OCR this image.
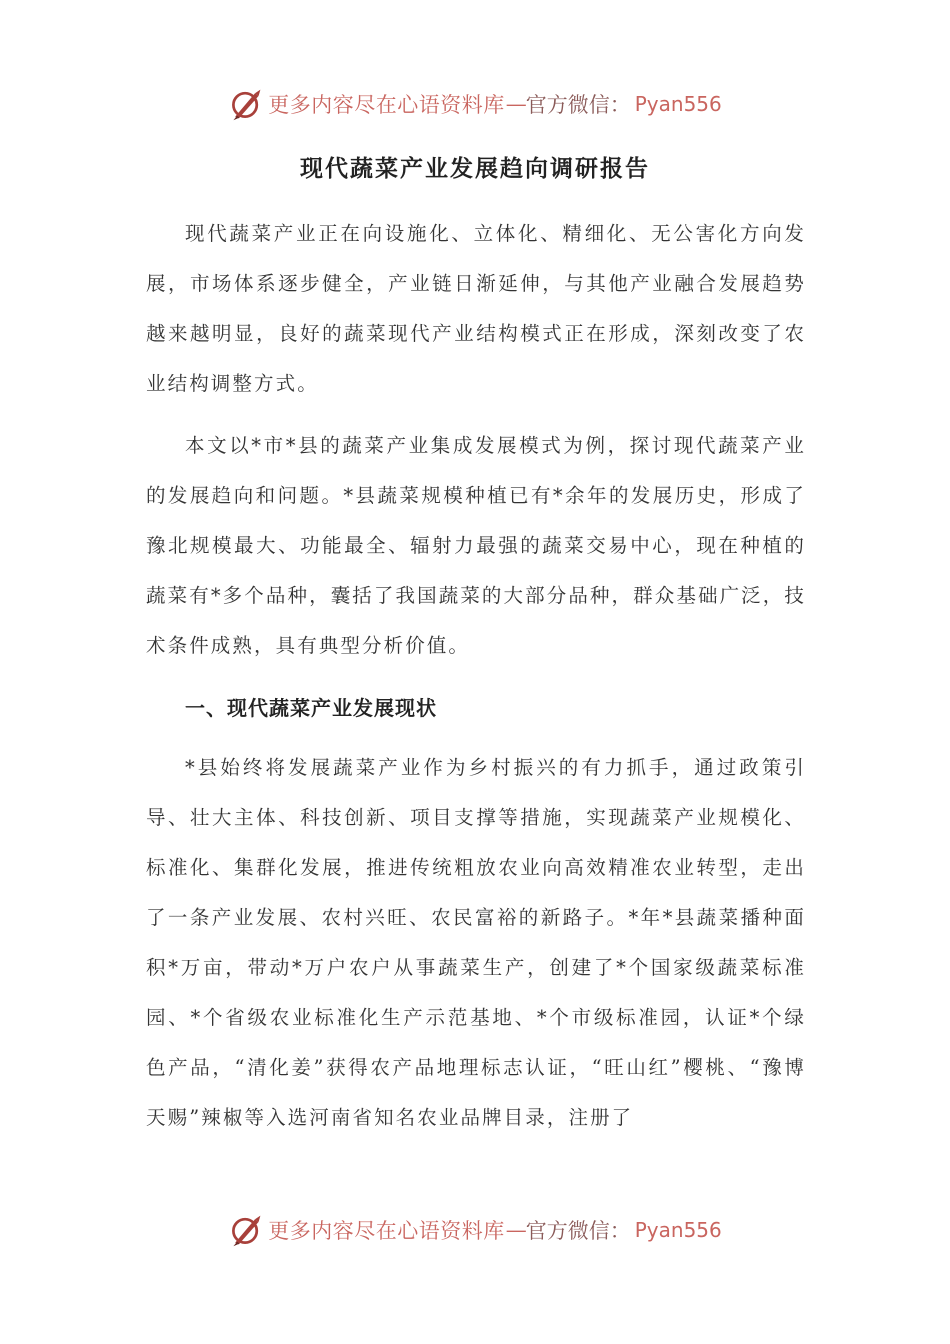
更多内容尽在心语资料库 — 官方微信： Pyan556
现代蔬菜产业发展趋向调研报告

现代蔬菜产业正在向设施化、立体化、精细化、无公害化方向发展，市场体系逐步健全，产业链日渐延伸，与其他产业融合发展趋势越来越明显，良好的蔬菜现代产业结构模式正在形成，深刻改变了农业结构调整方式。

本文以*市*县的蔬菜产业集成发展模式为例，探讨现代蔬菜产业的发展趋向和问题。*县蔬菜规模种植已有*余年的发展历史，形成了豫北规模最大、功能最全、辐射力最强的蔬菜交易中心，现在种植的蔬菜有*多个品种，囊括了我国蔬菜的大部分品种，群众基础广泛，技术条件成熟，具有典型分析价值。

一、现代蔬菜产业发展现状

*县始终将发展蔬菜产业作为乡村振兴的有力抓手，通过政策引导、壮大主体、科技创新、项目支撑等措施，实现蔬菜产业规模化、标准化、集群化发展，推进传统粗放农业向高效精准农业转型，走出了一条产业发展、农村兴旺、农民富裕的新路子。*年*县蔬菜播种面积*万亩，带动*万户农户从事蔬菜生产，创建了*个国家级蔬菜标准园、*个省级农业标准化生产示范基地、*个市级标准园，认证*个绿色产品，“清化姜”获得农产品地理标志认证，“旺山红”樱桃、“豫博天赐”辣椒等入选河南省知名农业品牌目录，注册了

更多内容尽在心语资料库 — 官方微信： Pyan556
